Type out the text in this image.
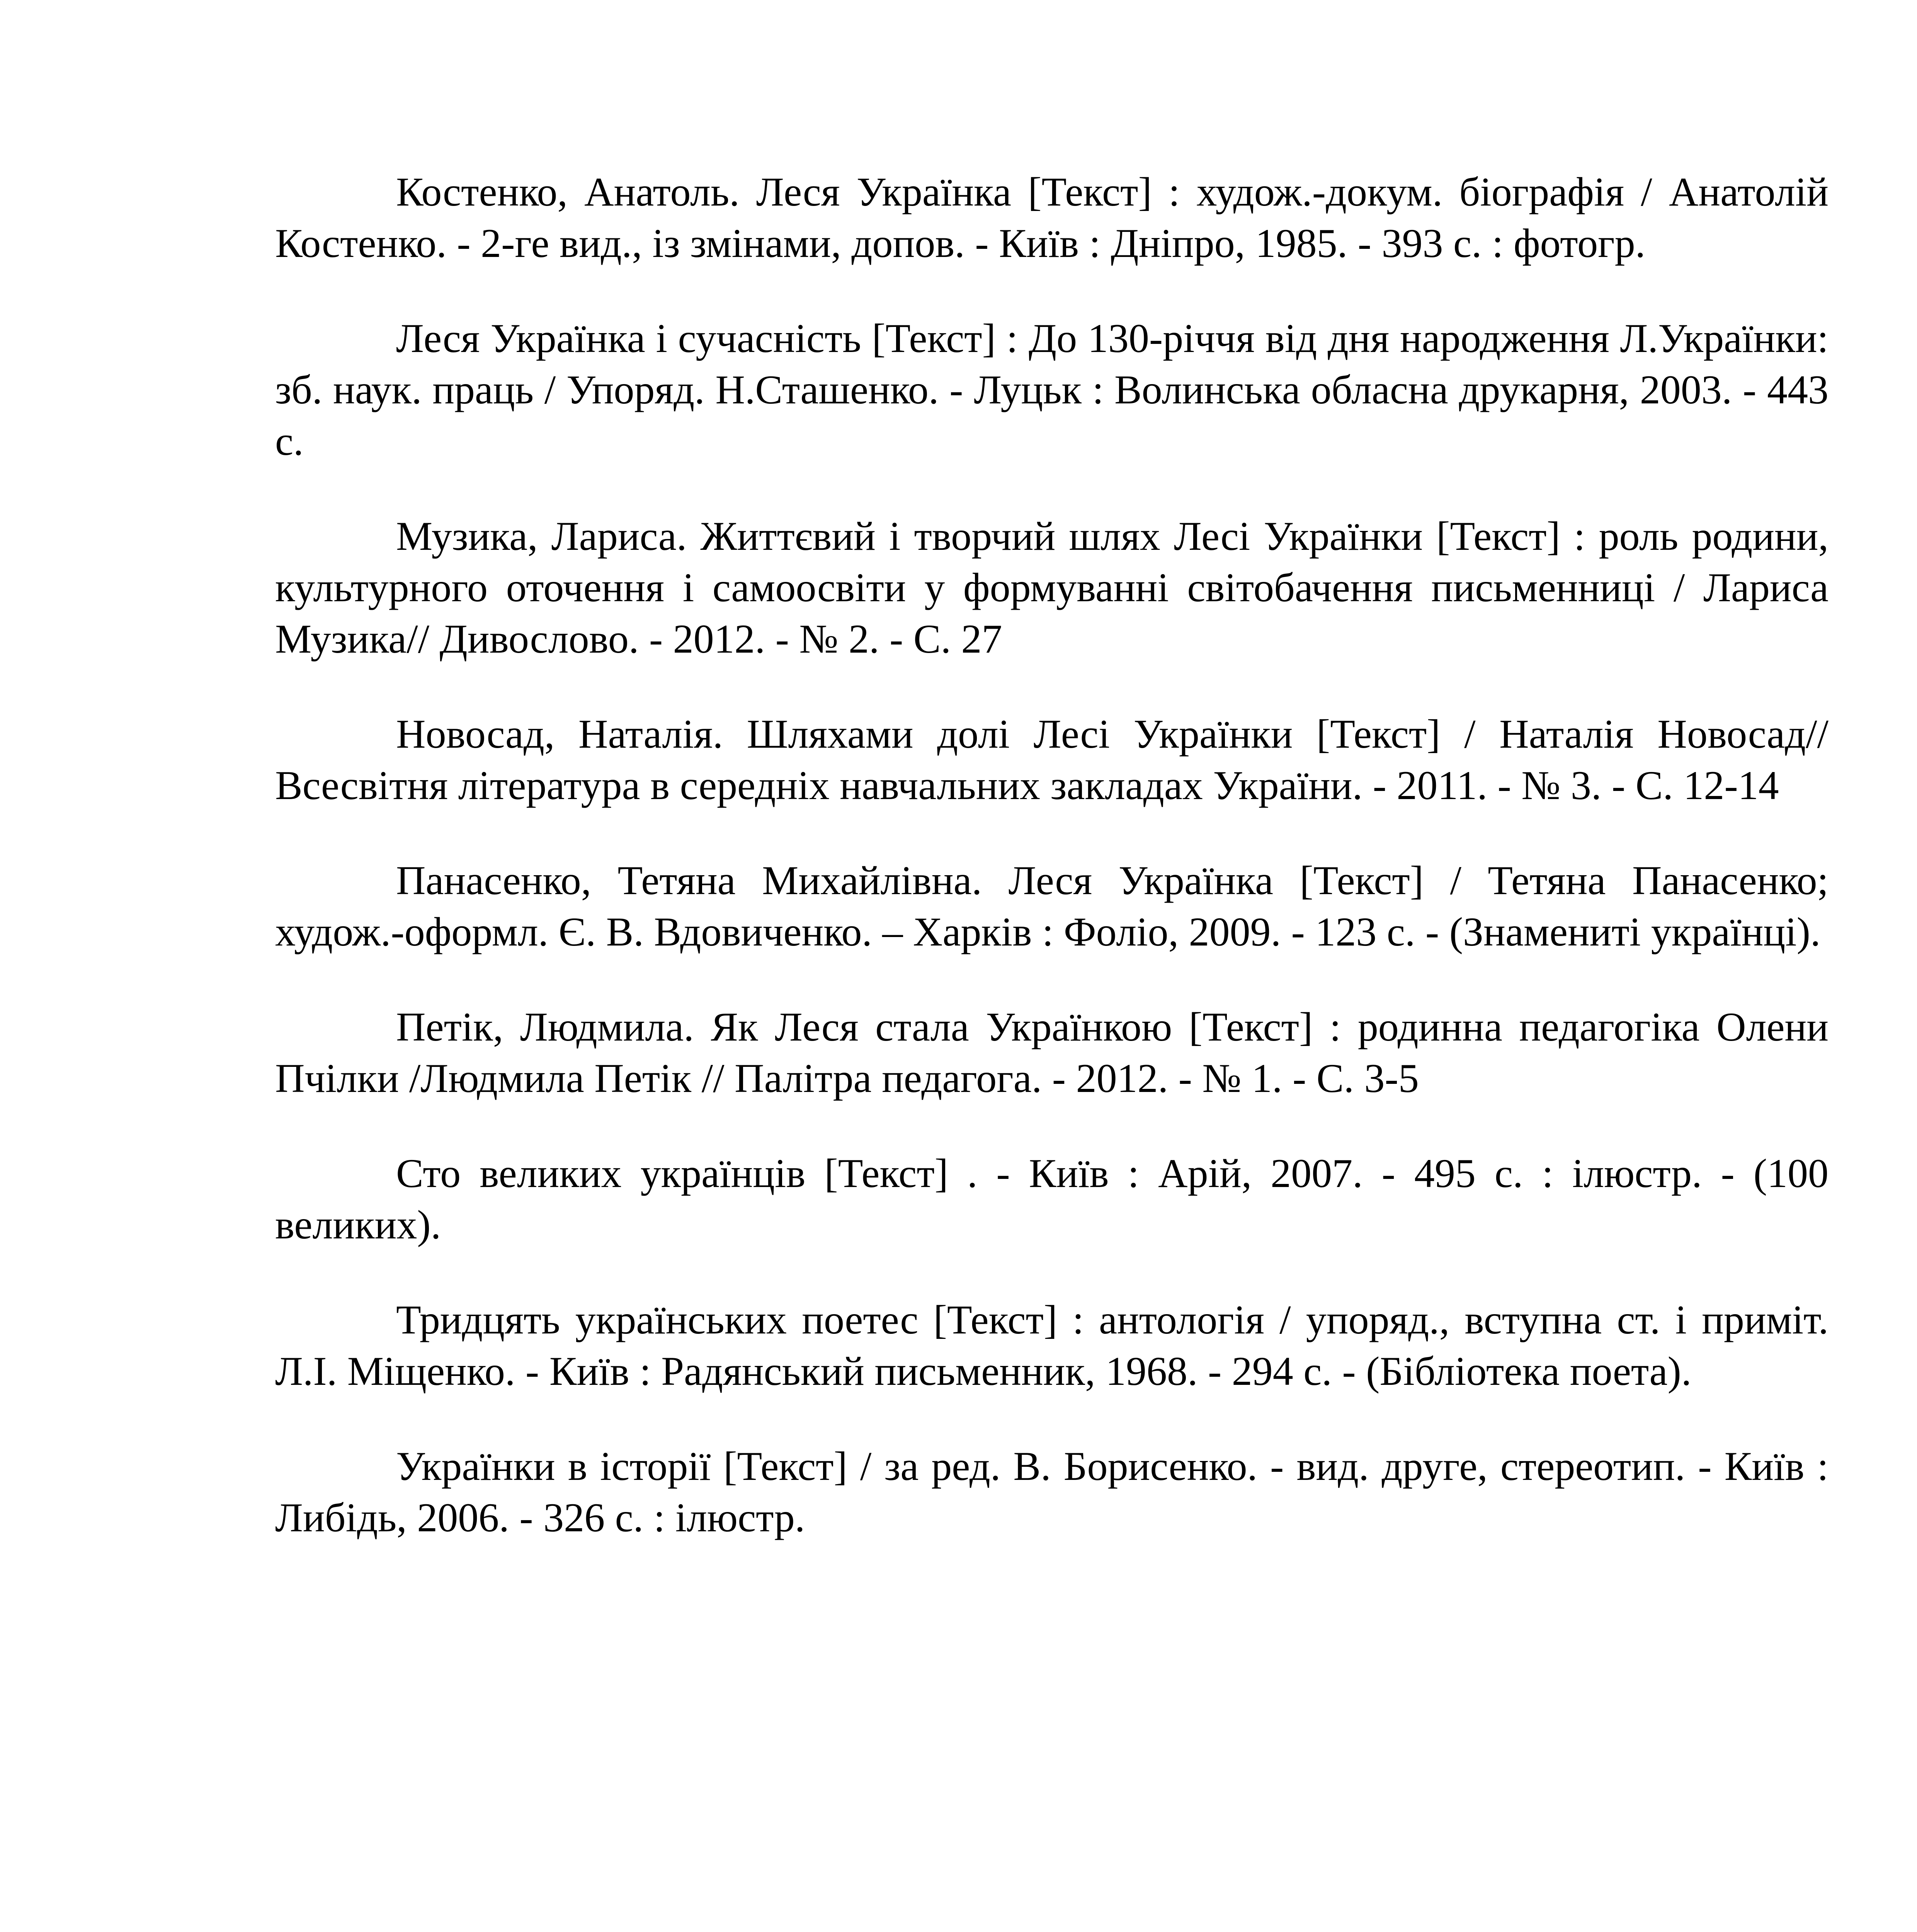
Костенко, Анатоль. Леся Українка [Текст] : худож.-докум. біографія / Анатолій Костенко. - 2-ге вид., із змінами, допов. - Київ : Дніпро, 1985. - 393 с. : фотогр.

Леся Українка і сучасність [Текст] : До 130-річчя від дня народження Л.Українки: зб. наук. праць / Упоряд. Н.Сташенко. - Луцьк : Волинська обласна друкарня, 2003. - 443 с.

Музика, Лариса. Життєвий і творчий шлях Лесі Українки [Текст] : роль родини, культурного оточення і самоосвіти у формуванні світобачення письменниці / Лариса Музика// Дивослово. - 2012. - № 2. - С. 27

Новосад, Наталія. Шляхами долі Лесі Українки [Текст] / Наталія Новосад// Всесвітня література в середніх навчальних закладах України. - 2011. - № 3. - С. 12-14

Панасенко, Тетяна Михайлівна. Леся Українка [Текст] / Тетяна Панасенко; худож.-оформл. Є. В. Вдовиченко. – Харків : Фоліо, 2009. - 123 с. - (Знамениті українці).

Петік, Людмила. Як Леся стала Українкою [Текст] : родинна педагогіка Олени Пчілки /Людмила Петік // Палітра педагога. - 2012. - № 1. - С. 3-5

Сто великих українців [Текст] . - Київ : Арій, 2007. - 495 с. : ілюстр. - (100 великих).

Тридцять українських поетес [Текст] : антологія / упоряд., вступна ст. і приміт. Л.І. Міщенко. - Київ : Радянський письменник, 1968. - 294 с. - (Бібліотека поета).

Українки в історії [Текст] / за ред. В. Борисенко. - вид. друге, стереотип. - Київ : Либідь, 2006. - 326 с. : ілюстр.
